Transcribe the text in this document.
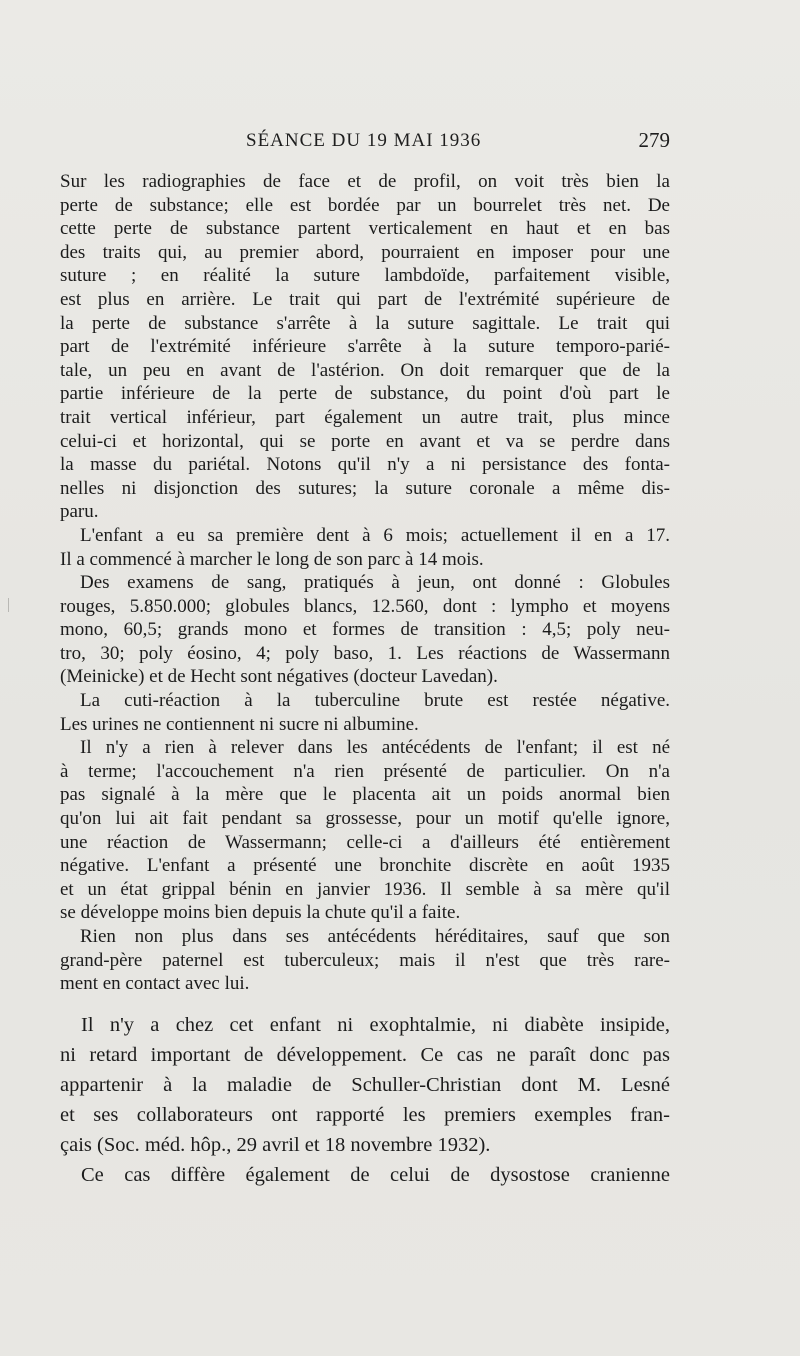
SÉANCE DU 19 MAI 1936	279
Sur les radiographies de face et de profil, on voit très bien la
perte de substance; elle est bordée par un bourrelet très net. De
cette perte de substance partent verticalement en haut et en bas
des traits qui, au premier abord, pourraient en imposer pour une
suture ; en réalité la suture lambdoïde, parfaitement visible,
est plus en arrière. Le trait qui part de l'extrémité supérieure de
la perte de substance s'arrête à la suture sagittale. Le trait qui
part de l'extrémité inférieure s'arrête à la suture temporo-parié-
tale, un peu en avant de l'astérion. On doit remarquer que de la
partie inférieure de la perte de substance, du point d'où part le
trait vertical inférieur, part également un autre trait, plus mince
celui-ci et horizontal, qui se porte en avant et va se perdre dans
la masse du pariétal. Notons qu'il n'y a ni persistance des fonta-
nelles ni disjonction des sutures; la suture coronale a même dis-
paru.
L'enfant a eu sa première dent à 6 mois; actuellement il en a 17.
Il a commencé à marcher le long de son parc à 14 mois.
Des examens de sang, pratiqués à jeun, ont donné : Globules
rouges, 5.850.000; globules blancs, 12.560, dont : lympho et moyens
mono, 60,5; grands mono et formes de transition : 4,5; poly neu-
tro, 30; poly éosino, 4; poly baso, 1. Les réactions de Wassermann
(Meinicke) et de Hecht sont négatives (docteur Lavedan).
La cuti-réaction à la tuberculine brute est restée négative.
Les urines ne contiennent ni sucre ni albumine.
Il n'y a rien à relever dans les antécédents de l'enfant; il est né
à terme; l'accouchement n'a rien présenté de particulier. On n'a
pas signalé à la mère que le placenta ait un poids anormal bien
qu'on lui ait fait pendant sa grossesse, pour un motif qu'elle ignore,
une réaction de Wassermann; celle-ci a d'ailleurs été entièrement
négative. L'enfant a présenté une bronchite discrète en août 1935
et un état grippal bénin en janvier 1936. Il semble à sa mère qu'il
se développe moins bien depuis la chute qu'il a faite.
Rien non plus dans ses antécédents héréditaires, sauf que son
grand-père paternel est tuberculeux; mais il n'est que très rare-
ment en contact avec lui.
Il n'y a chez cet enfant ni exophtalmie, ni diabète insipide,
ni retard important de développement. Ce cas ne paraît donc pas
appartenir à la maladie de Schuller-Christian dont M. Lesné
et ses collaborateurs ont rapporté les premiers exemples fran-
çais (Soc. méd. hôp., 29 avril et 18 novembre 1932).
Ce cas diffère également de celui de dysostose cranienne
